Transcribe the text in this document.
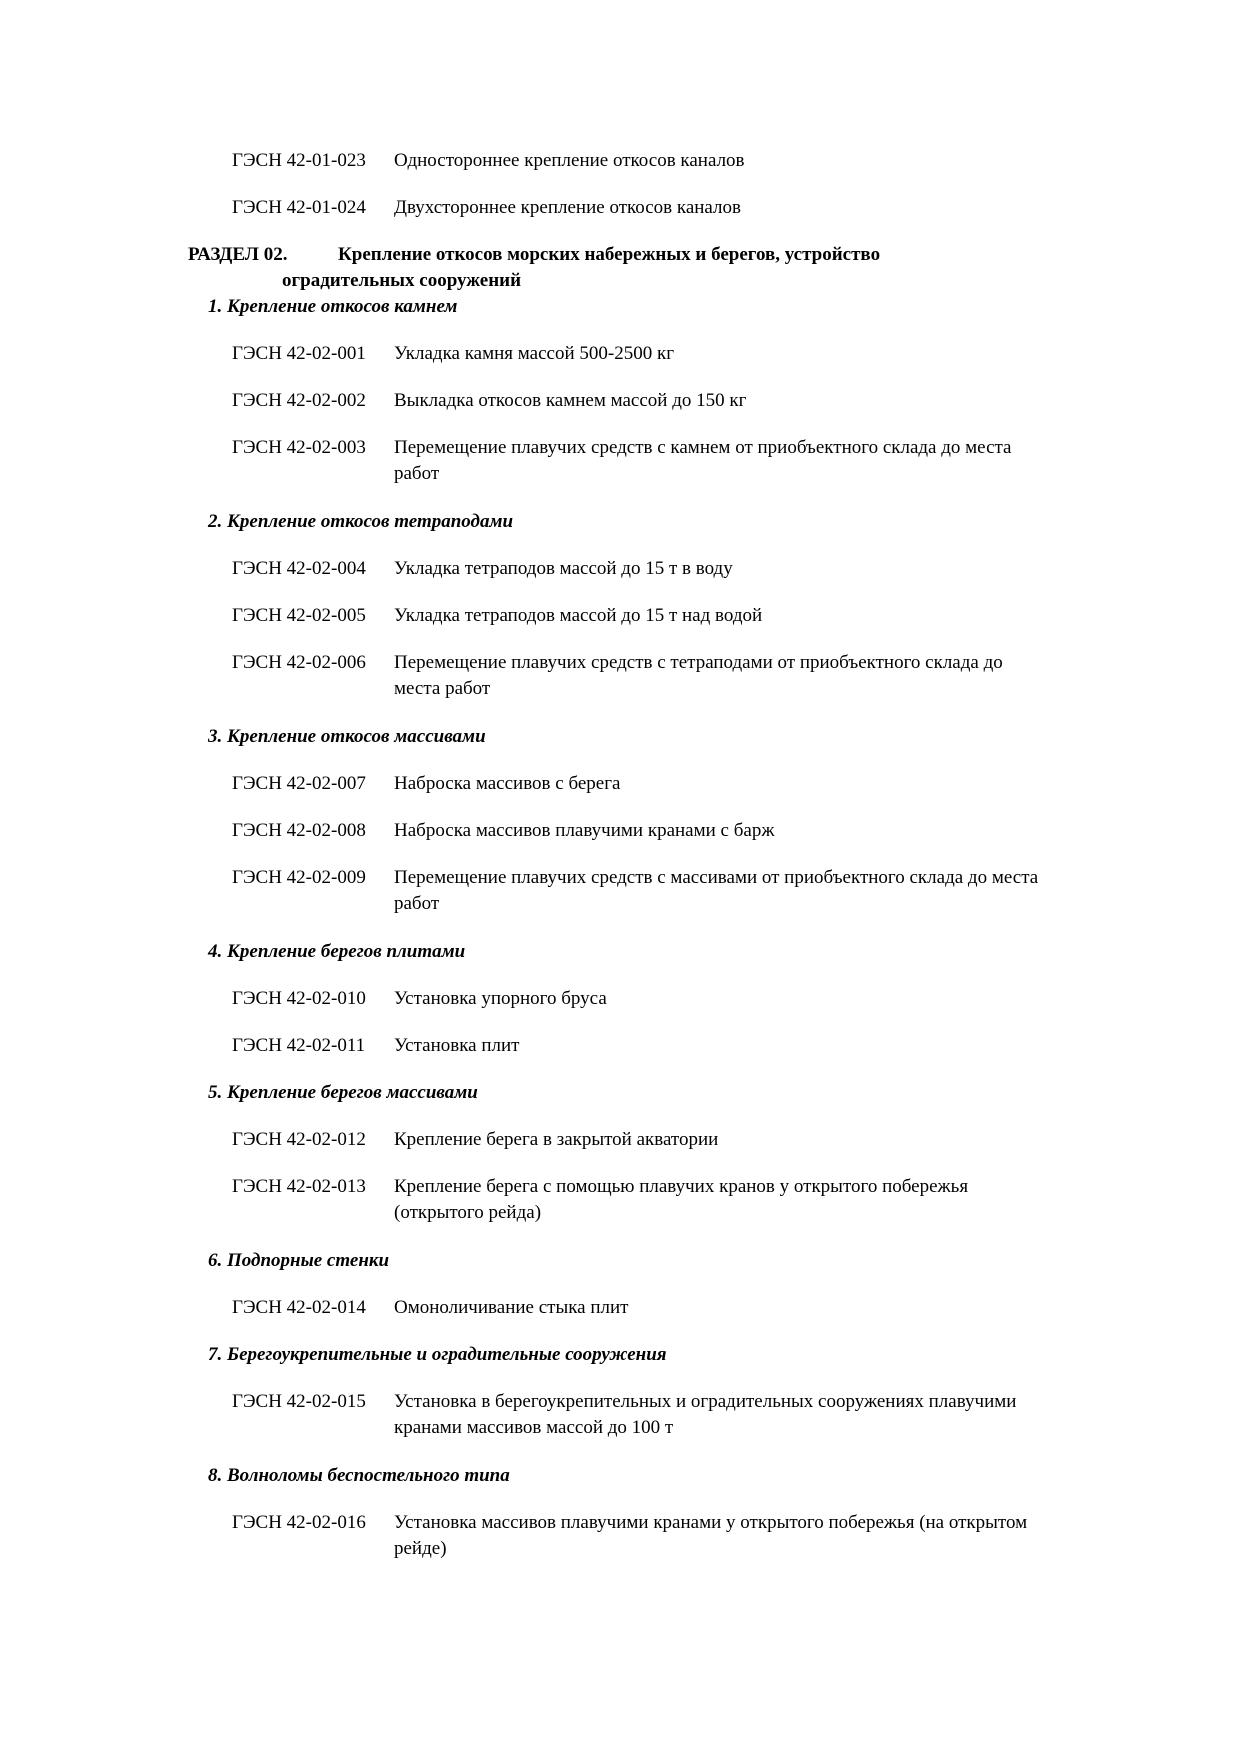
ГЭСН 42-01-023	Одностороннее крепление откосов каналов
ГЭСН 42-01-024	Двухстороннее крепление откосов каналов
РАЗДЕЛ 02.	Крепление откосов морских набережных и берегов, устройство
оградительных сооружений
1. Крепление откосов камнем
ГЭСН 42-02-001	Укладка камня массой 500-2500 кг
ГЭСН 42-02-002	Выкладка откосов камнем массой до 150 кг
ГЭСН 42-02-003	Перемещение плавучих средств с камнем от приобъектного склада до места работ
2. Крепление откосов тетраподами
ГЭСН 42-02-004	Укладка тетраподов массой до 15 т в воду
ГЭСН 42-02-005	Укладка тетраподов массой до 15 т над водой
ГЭСН 42-02-006	Перемещение плавучих средств с тетраподами от приобъектного склада до места работ
3. Крепление откосов массивами
ГЭСН 42-02-007	Наброска массивов с берега
ГЭСН 42-02-008	Наброска массивов плавучими кранами с барж
ГЭСН 42-02-009	Перемещение плавучих средств с массивами от приобъектного склада до места работ
4. Крепление берегов плитами
ГЭСН 42-02-010	Установка упорного бруса
ГЭСН 42-02-011	Установка плит
5. Крепление берегов массивами
ГЭСН 42-02-012	Крепление берега в закрытой акватории
ГЭСН 42-02-013	Крепление берега с помощью плавучих кранов у открытого побережья (открытого рейда)
6. Подпорные стенки
ГЭСН 42-02-014	Омоноличивание стыка плит
7. Берегоукрепительные и оградительные сооружения
ГЭСН 42-02-015	Установка в берегоукрепительных и оградительных сооружениях плавучими кранами массивов массой до 100 т
8. Волноломы беспостельного типа
ГЭСН 42-02-016	Установка массивов плавучими кранами у открытого побережья (на открытом рейде)
